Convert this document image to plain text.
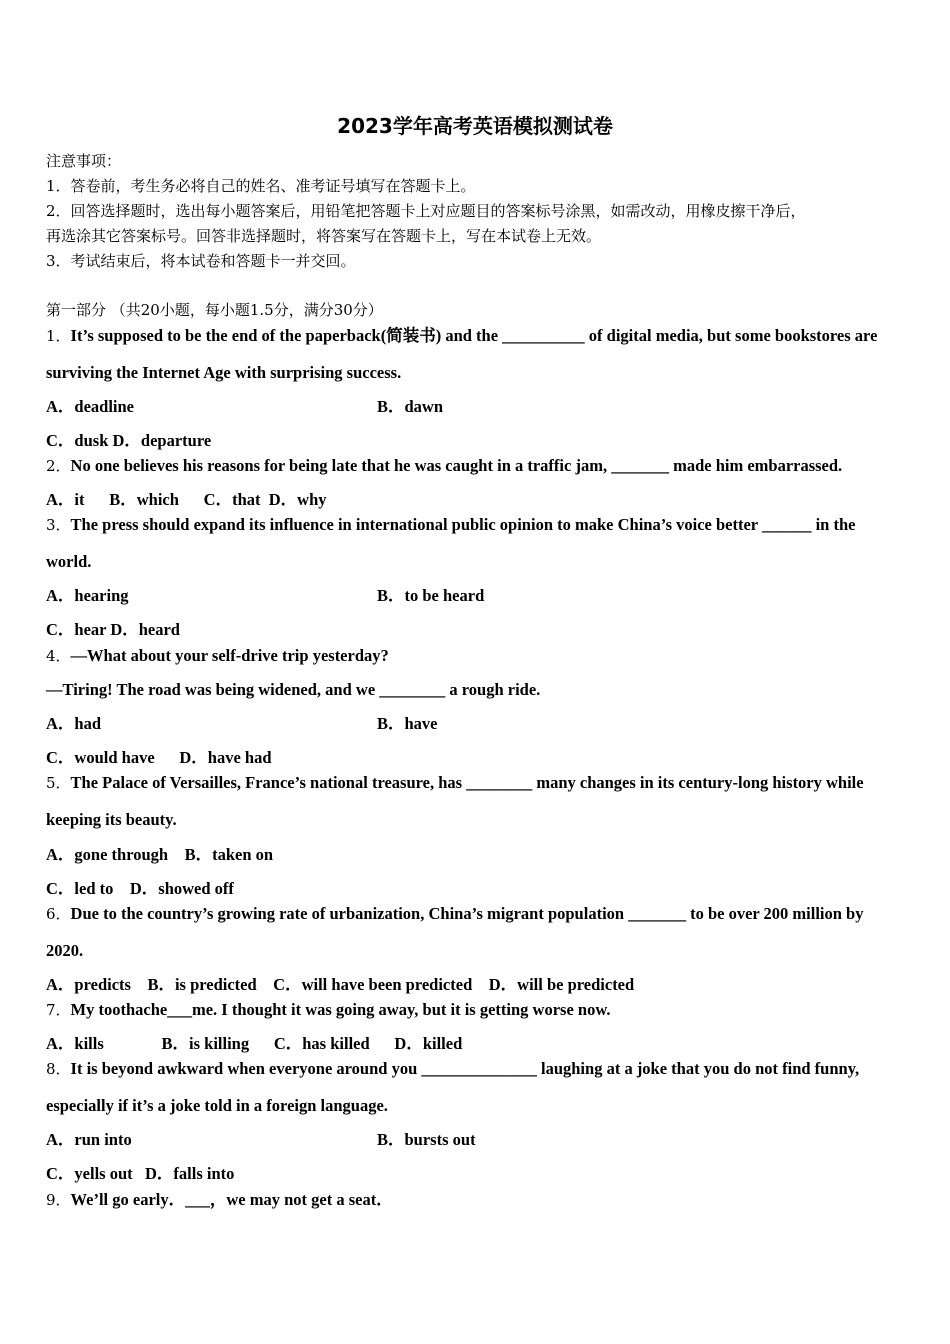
2023学年高考英语模拟测试卷
注意事项：
1．答卷前，考生务必将自己的姓名、准考证号填写在答题卡上。
2．回答选择题时，选出每小题答案后，用铅笔把答题卡上对应题目的答案标号涂黑，如需改动，用橡皮擦干净后，
再选涂其它答案标号。回答非选择题时，将答案写在答题卡上，写在本试卷上无效。
3．考试结束后，将本试卷和答题卡一并交回。
第一部分 （共20小题，每小题1.5分，满分30分）
1．It’s supposed to be the end of the paperback(简装书) and the __________ of digital media, but some bookstores are
surviving the Internet Age with surprising success.
A．deadline	B．dawn
C．dusk D．departure
2．No one believes his reasons for being late that he was caught in a traffic jam, _______ made him embarrassed.
A．it      B．which      C．that  D．why
3．The press should expand its influence in international public opinion to make China’s voice better ______ in the
world.
A．hearing	B．to be heard
C．hear D．heard
4．—What about your self-drive trip yesterday?
—Tiring! The road was being widened, and we ________ a rough ride.
A．had	B．have
C．would have      D．have had
5．The Palace of Versailles, France’s national treasure, has ________ many changes in its century-long history while
keeping its beauty.
A．gone through    B．taken on
C．led to    D．showed off
6．Due to the country’s growing rate of urbanization, China’s migrant population _______ to be over 200 million by
2020.
A．predicts    B．is predicted    C．will have been predicted    D．will be predicted
7．My toothache___me. I thought it was going away, but it is getting worse now.
A．kills              B．is killing      C．has killed      D．killed
8．It is beyond awkward when everyone around you ______________ laughing at a joke that you do not find funny,
especially if it’s a joke told in a foreign language.
A．run into	B．bursts out
C．yells out   D．falls into
9．We’ll go early．___，we may not get a seat．
